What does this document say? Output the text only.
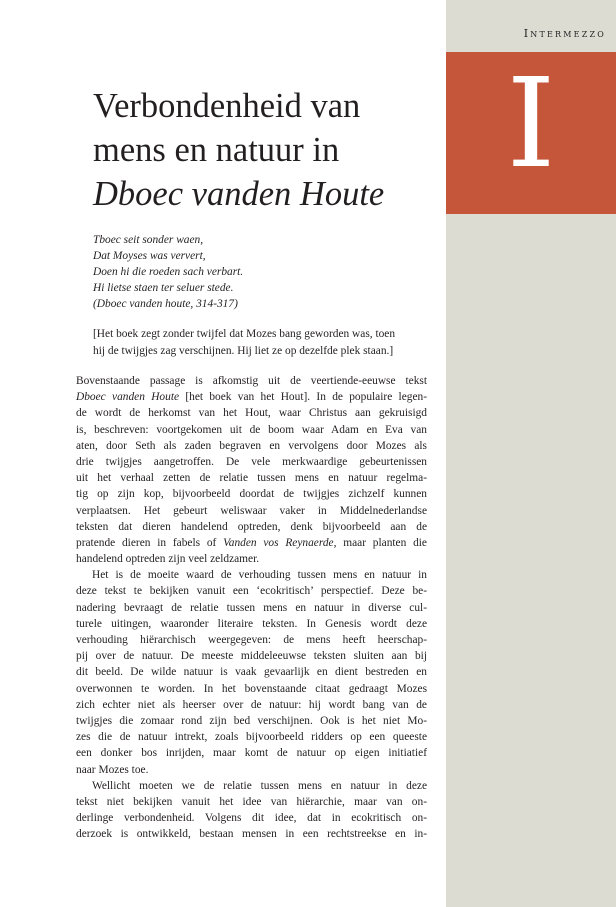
Intermezzo
I
Verbondenheid van
mens en natuur in
Dboec vanden Houte
Tboec seit sonder waen,
Dat Moyses was ververt,
Doen hi die roeden sach verbart.
Hi lietse staen ter seluer stede.
(Dboec vanden houte, 314-317)
[Het boek zegt zonder twijfel dat Mozes bang geworden was, toen
hij de twijgjes zag verschijnen. Hij liet ze op dezelfde plek staan.]
Bovenstaande passage is afkomstig uit de veertiende-eeuwse tekst
Dboec vanden Houte [het boek van het Hout]. In de populaire legen-
de wordt de herkomst van het Hout, waar Christus aan gekruisigd
is, beschreven: voortgekomen uit de boom waar Adam en Eva van
aten, door Seth als zaden begraven en vervolgens door Mozes als
drie twijgjes aangetroffen. De vele merkwaardige gebeurtenissen
uit het verhaal zetten de relatie tussen mens en natuur regelma-
tig op zijn kop, bijvoorbeeld doordat de twijgjes zichzelf kunnen
verplaatsen. Het gebeurt weliswaar vaker in Middelnederlandse
teksten dat dieren handelend optreden, denk bijvoorbeeld aan de
pratende dieren in fabels of Vanden vos Reynaerde, maar planten die
handelend optreden zijn veel zeldzamer.
Het is de moeite waard de verhouding tussen mens en natuur in
deze tekst te bekijken vanuit een ‘ecokritisch’ perspectief. Deze be-
nadering bevraagt de relatie tussen mens en natuur in diverse cul-
turele uitingen, waaronder literaire teksten. In Genesis wordt deze
verhouding hiërarchisch weergegeven: de mens heeft heerschap-
pij over de natuur. De meeste middeleeuwse teksten sluiten aan bij
dit beeld. De wilde natuur is vaak gevaarlijk en dient bestreden en
overwonnen te worden. In het bovenstaande citaat gedraagt Mozes
zich echter niet als heerser over de natuur: hij wordt bang van de
twijgjes die zomaar rond zijn bed verschijnen. Ook is het niet Mo-
zes die de natuur intrekt, zoals bijvoorbeeld ridders op een queeste
een donker bos inrijden, maar komt de natuur op eigen initiatief
naar Mozes toe.
Wellicht moeten we de relatie tussen mens en natuur in deze
tekst niet bekijken vanuit het idee van hiërarchie, maar van on-
derlinge verbondenheid. Volgens dit idee, dat in ecokritisch on-
derzoek is ontwikkeld, bestaan mensen in een rechtstreekse en in-
